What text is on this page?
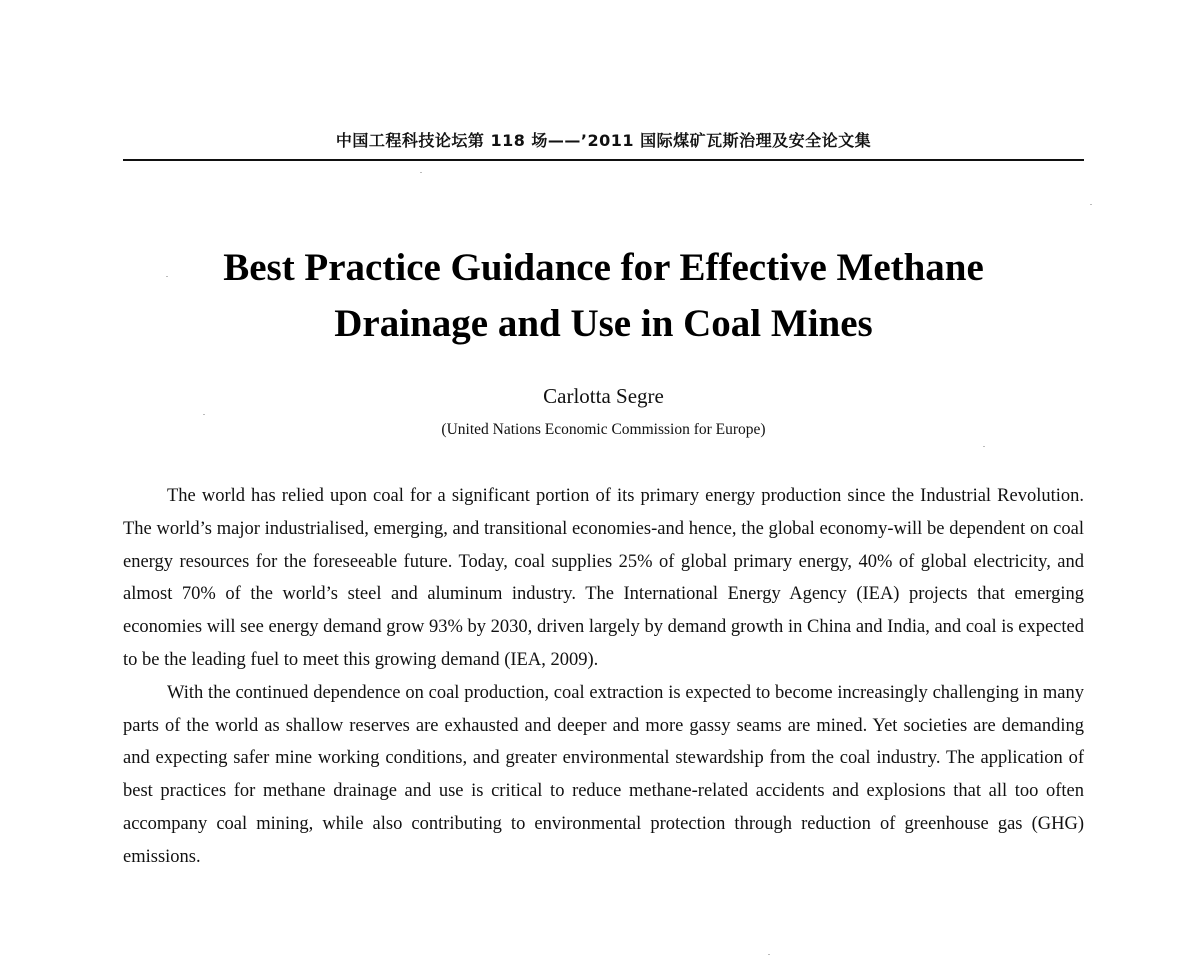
中国工程科技论坛第 118 场——’2011 国际煤矿瓦斯治理及安全论文集
Best Practice Guidance for Effective Methane
Drainage and Use in Coal Mines
Carlotta Segre
(United Nations Economic Commission for Europe)

The world has relied upon coal for a significant portion of its primary energy production since the Industrial Revolution. The world’s major industrialised, emerging, and transitional economies-and hence, the global economy-will be dependent on coal energy resources for the foreseeable future. Today, coal supplies 25% of global primary energy, 40% of global electricity, and almost 70% of the world’s steel and aluminum industry. The International Energy Agency (IEA) projects that emerging economies will see energy demand grow 93% by 2030, driven largely by demand growth in China and India, and coal is expected to be the leading fuel to meet this growing demand (IEA, 2009).

With the continued dependence on coal production, coal extraction is expected to become increasingly challenging in many parts of the world as shallow reserves are exhausted and deeper and more gassy seams are mined. Yet societies are demanding and expecting safer mine working conditions, and greater environmental stewardship from the coal industry. The application of best practices for methane drainage and use is critical to reduce methane-related accidents and explosions that all too often accompany coal mining, while also contributing to environmental protection through reduction of greenhouse gas (GHG) emissions.
